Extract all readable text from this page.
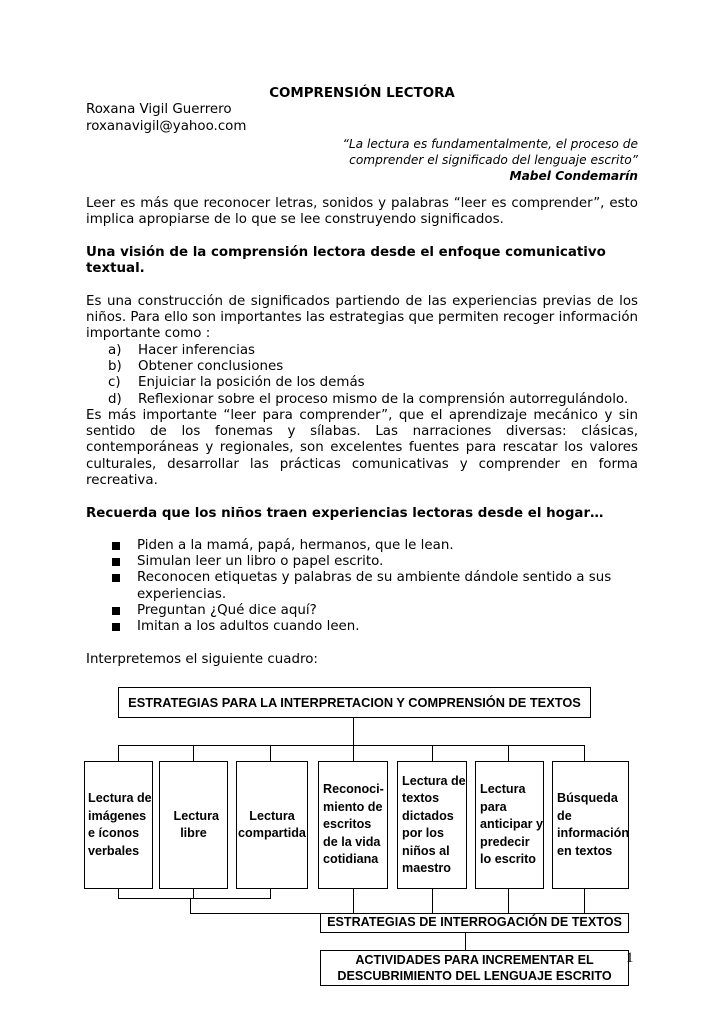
COMPRENSIÓN LECTORA
Roxana Vigil Guerrero
roxanavigil@yahoo.com
“La lectura es fundamentalmente, el proceso de
comprender el significado del lenguaje escrito”
Mabel Condemarín
Leer es más que reconocer letras, sonidos y palabras “leer es comprender”, esto implica apropiarse de lo que se lee construyendo significados.
Una visión de la comprensión lectora desde el enfoque comunicativo textual.
Es una construcción de significados partiendo de las experiencias previas de los niños. Para ello son importantes las estrategias que permiten recoger información importante como :
a)	Hacer inferencias
b)	Obtener conclusiones
c)	Enjuiciar la posición de los demás
d)	Reflexionar sobre el proceso mismo de la comprensión autorregulándolo.
Es más importante “leer para comprender”, que el aprendizaje mecánico y sin sentido de los fonemas y sílabas. Las narraciones diversas: clásicas, contemporáneas y regionales, son excelentes fuentes para rescatar los valores culturales, desarrollar las prácticas comunicativas y comprender en forma recreativa.
Recuerda que los niños traen experiencias lectoras desde el hogar…
Piden a la mamá, papá, hermanos, que le lean.
Simulan leer un libro o papel escrito.
Reconocen etiquetas y palabras de su ambiente dándole sentido a sus experiencias.
Preguntan ¿Qué dice aquí?
Imitan a los adultos cuando leen.
Interpretemos el siguiente cuadro:
ESTRATEGIAS PARA LA INTERPRETACION Y COMPRENSIÓN DE TEXTOS
Lectura de imágenes e íconos verbales
Lectura libre
Lectura compartida
Reconoci-miento de escritos de la vida cotidiana
Lectura de textos dictados por los niños al maestro
Lectura para anticipar y predecir lo escrito
Búsqueda de información en textos
ESTRATEGIAS DE INTERROGACIÓN DE TEXTOS
ACTIVIDADES PARA INCREMENTAR EL
DESCUBRIMIENTO DEL LENGUAJE ESCRITO
1
